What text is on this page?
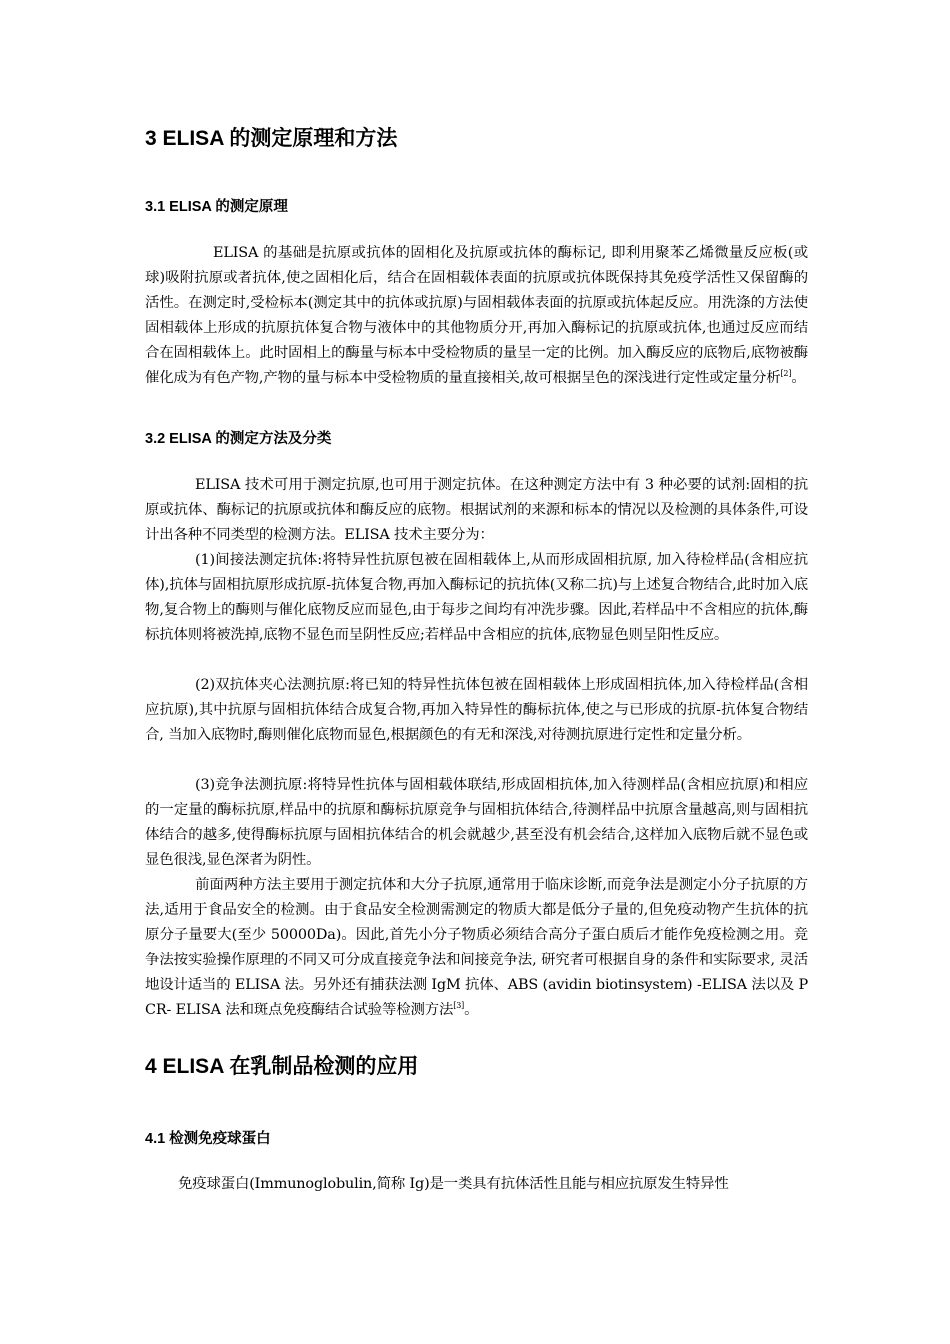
3 ELISA 的测定原理和方法
3.1 ELISA 的测定原理

ELISA 的基础是抗原或抗体的固相化及抗原或抗体的酶标记, 即利用聚苯乙烯微量反应板(或球)吸附抗原或者抗体,使之固相化后，结合在固相载体表面的抗原或抗体既保持其免疫学活性又保留酶的活性。在测定时,受检标本(测定其中的抗体或抗原)与固相载体表面的抗原或抗体起反应。用洗涤的方法使固相载体上形成的抗原抗体复合物与液体中的其他物质分开,再加入酶标记的抗原或抗体,也通过反应而结合在固相载体上。此时固相上的酶量与标本中受检物质的量呈一定的比例。加入酶反应的底物后,底物被酶催化成为有色产物,产物的量与标本中受检物质的量直接相关,故可根据呈色的深浅进行定性或定量分析[2]。

3.2 ELISA 的测定方法及分类

ELISA 技术可用于测定抗原,也可用于测定抗体。在这种测定方法中有 3 种必要的试剂:固相的抗原或抗体、酶标记的抗原或抗体和酶反应的底物。根据试剂的来源和标本的情况以及检测的具体条件,可设计出各种不同类型的检测方法。ELISA 技术主要分为：

(1)间接法测定抗体:将特异性抗原包被在固相载体上,从而形成固相抗原, 加入待检样品(含相应抗体),抗体与固相抗原形成抗原-抗体复合物,再加入酶标记的抗抗体(又称二抗)与上述复合物结合,此时加入底物,复合物上的酶则与催化底物反应而显色,由于每步之间均有冲洗步骤。因此,若样品中不含相应的抗体,酶标抗体则将被洗掉,底物不显色而呈阴性反应;若样品中含相应的抗体,底物显色则呈阳性反应。

(2)双抗体夹心法测抗原:将已知的特异性抗体包被在固相载体上形成固相抗体,加入待检样品(含相应抗原),其中抗原与固相抗体结合成复合物,再加入特异性的酶标抗体,使之与已形成的抗原-抗体复合物结合, 当加入底物时,酶则催化底物而显色,根据颜色的有无和深浅,对待测抗原进行定性和定量分析。

(3)竞争法测抗原:将特异性抗体与固相载体联结,形成固相抗体,加入待测样品(含相应抗原)和相应的一定量的酶标抗原,样品中的抗原和酶标抗原竞争与固相抗体结合,待测样品中抗原含量越高,则与固相抗体结合的越多,使得酶标抗原与固相抗体结合的机会就越少,甚至没有机会结合,这样加入底物后就不显色或显色很浅,显色深者为阴性。

前面两种方法主要用于测定抗体和大分子抗原,通常用于临床诊断,而竞争法是测定小分子抗原的方法,适用于食品安全的检测。由于食品安全检测需测定的物质大都是低分子量的,但免疫动物产生抗体的抗原分子量要大(至少 50000Da)。因此,首先小分子物质必须结合高分子蛋白质后才能作免疫检测之用。竞争法按实验操作原理的不同又可分成直接竞争法和间接竞争法, 研究者可根据自身的条件和实际要求, 灵活地设计适当的 ELISA 法。另外还有捕获法测 IgM 抗体、ABS (avidin biotinsystem) -ELISA 法以及 PCR- ELISA 法和斑点免疫酶结合试验等检测方法[3]。

4 ELISA 在乳制品检测的应用
4.1 检测免疫球蛋白

免疫球蛋白(Immunoglobulin,简称 Ig)是一类具有抗体活性且能与相应抗原发生特异性
